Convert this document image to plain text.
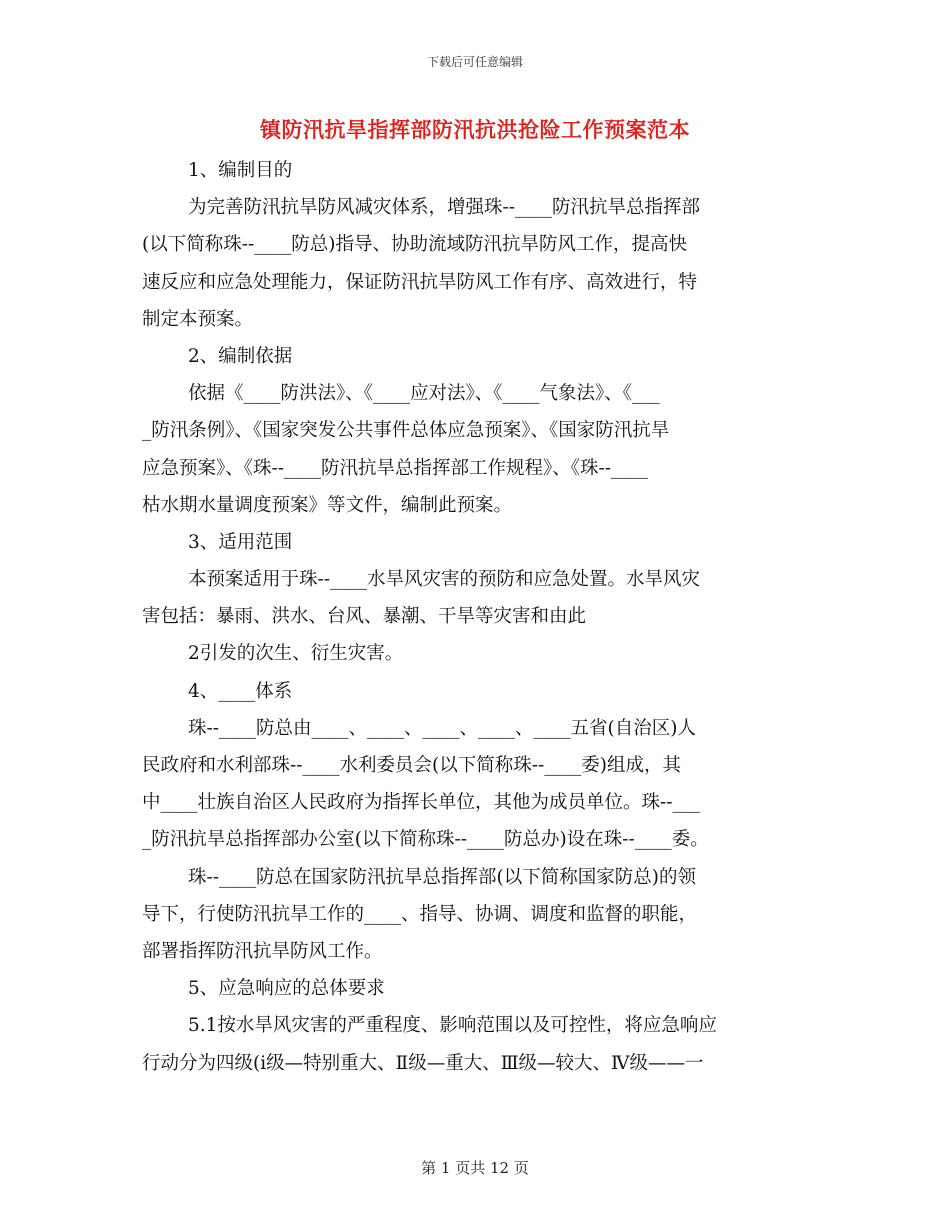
下载后可任意编辑
镇防汛抗旱指挥部防汛抗洪抢险工作预案范本
1、编制目的
为完善防汛抗旱防风减灾体系，增强珠--____防汛抗旱总指挥部
(以下简称珠--____防总)指导、协助流域防汛抗旱防风工作，提高快
速反应和应急处理能力，保证防汛抗旱防风工作有序、高效进行，特
制定本预案。
2、编制依据
依据《____防洪法》、《____应对法》、《____气象法》、《___
_防汛条例》、《国家突发公共事件总体应急预案》、《国家防汛抗旱
应急预案》、《珠--____防汛抗旱总指挥部工作规程》、《珠--____
枯水期水量调度预案》等文件，编制此预案。
3、适用范围
本预案适用于珠--____水旱风灾害的预防和应急处置。水旱风灾
害包括：暴雨、洪水、台风、暴潮、干旱等灾害和由此
2引发的次生、衍生灾害。
4、____体系
珠--____防总由____、____、____、____、____五省(自治区)人
民政府和水利部珠--____水利委员会(以下简称珠--____委)组成，其
中____壮族自治区人民政府为指挥长单位，其他为成员单位。珠--___
_防汛抗旱总指挥部办公室(以下简称珠--____防总办)设在珠--____委。
珠--____防总在国家防汛抗旱总指挥部(以下简称国家防总)的领
导下，行使防汛抗旱工作的____、指导、协调、调度和监督的职能，
部署指挥防汛抗旱防风工作。
5、应急响应的总体要求
5.1按水旱风灾害的严重程度、影响范围以及可控性，将应急响应
行动分为四级(ⅰ级—特别重大、Ⅱ级—重大、Ⅲ级—较大、Ⅳ级——一
第 1 页共 12 页
